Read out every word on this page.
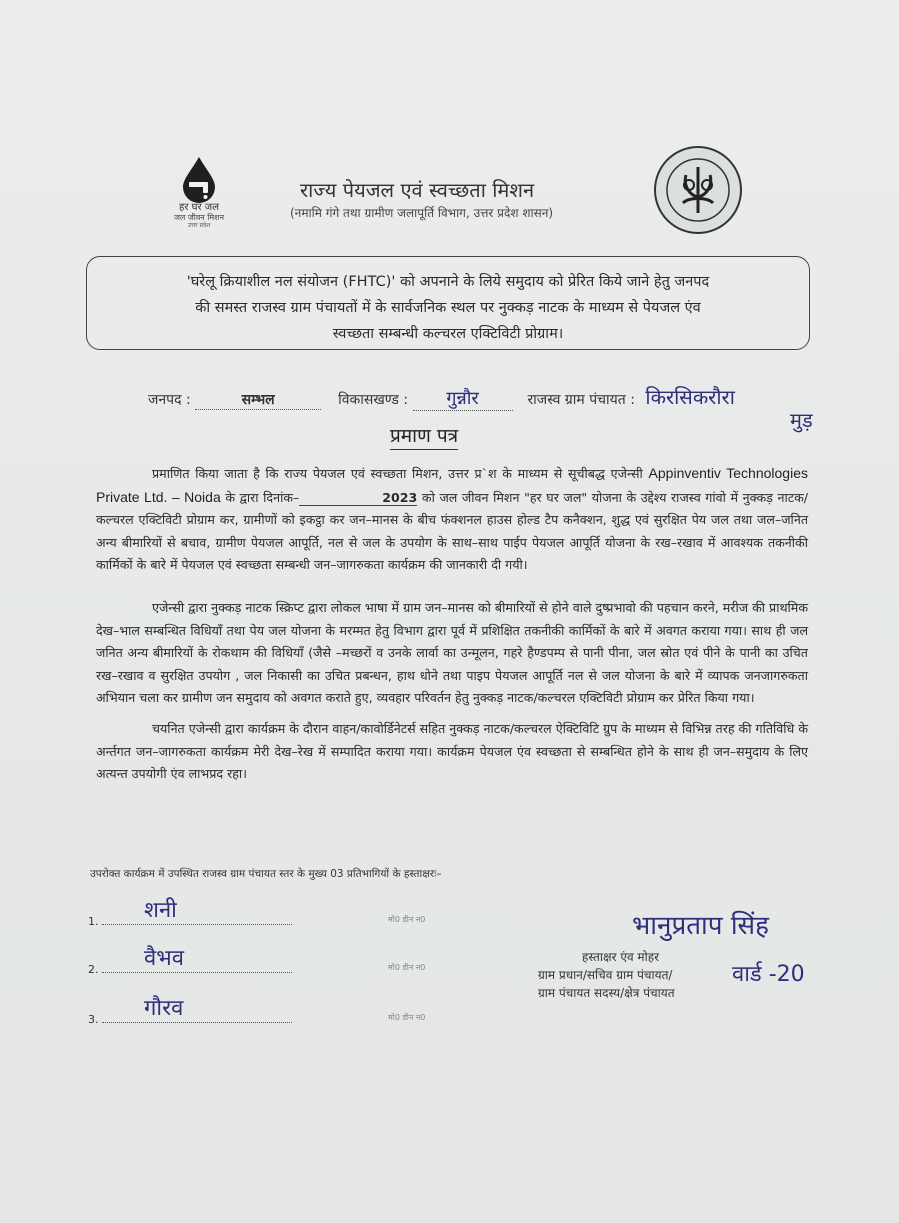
हर घर जल
जल जीवन मिशन
उत्तर प्रदेश
राज्य पेयजल एवं स्वच्छता मिशन
(नमामि गंगे तथा ग्रामीण जलापूर्ति विभाग, उत्तर प्रदेश शासन)
'घरेलू क्रियाशील नल संयोजन (FHTC)' को अपनाने के लिये समुदाय को प्रेरित किये जाने हेतु जनपद
की समस्त राजस्व ग्राम पंचायतों में के सार्वजनिक स्थल पर नुक्कड़ नाटक के माध्यम से पेयजल एंव
स्वच्छता सम्बन्धी कल्चरल एक्टिविटी प्रोग्राम।
जनपद :	सम्भल	विकासखण्ड : गुन्नौर	राजस्व ग्राम पंचायत : किरसिकरौरा
मुड़
प्रमाण पत्र
प्रमाणित किया जाता है कि राज्य पेयजल एवं स्वच्छता मिशन, उत्तर प्र`श के माध्यम से सूचीबद्ध एजेन्सी Appinventiv Technologies Private Ltd. – Noida के द्वारा दिनांक–	2023 को जल जीवन मिशन "हर घर जल" योजना के उद्देश्य राजस्व गांवो में नुक्कड़ नाटक/कल्चरल एक्टिविटी प्रोग्राम कर, ग्रामीणों को इकट्ठा कर जन–मानस के बीच फंक्शनल हाउस होल्ड टैप कनैक्शन, शुद्ध एवं सुरक्षित पेय जल तथा जल–जनित अन्य बीमारियों से बचाव, ग्रामीण पेयजल आपूर्ति, नल से जल के उपयोग के साथ–साथ पाईप पेयजल आपूर्ति योजना के रख–रखाव में आवश्यक तकनीकी कार्मिकों के बारे में पेयजल एवं स्वच्छता सम्बन्धी जन–जागरुकता कार्यक्रम की जानकारी दी गयी।
एजेन्सी द्वारा नुक्कड़ नाटक स्क्रिप्ट द्वारा लोकल भाषा में ग्राम जन–मानस को बीमारियों से होने वाले दुष्प्रभावो की पहचान करने, मरीज की प्राथमिक देख–भाल सम्बन्धित विधियाँ तथा पेय जल योजना के मरम्मत हेतु विभाग द्वारा पूर्व में प्रशिक्षित तकनीकी कार्मिकों के बारे में अवगत कराया गया। साथ ही जल जनित अन्य बीमारियों के रोकथाम की विधियाँ (जैसे –मच्छरों व उनके लार्वा का उन्मूलन, गहरे हैण्डपम्प से पानी पीना, जल स्रोत एवं पीने के पानी का उचित रख–रखाव व सुरक्षित उपयोग , जल निकासी का उचित प्रबन्धन, हाथ धोने तथा पाइप पेयजल आपूर्ति नल से जल योजना के बारे में व्यापक जनजागरुकता अभियान चला कर ग्रामीण जन समुदाय को अवगत कराते हुए, व्यवहार परिवर्तन हेतु नुक्कड़ नाटक/कल्चरल एक्टिविटी प्रोग्राम कर प्रेरित किया गया।
चयनित एजेन्सी द्वारा कार्यक्रम के दौरान वाहन/कावोर्डिनेटर्स सहित नुक्कड़ नाटक/कल्चरल ऐक्टिविटि ग्रुप के माध्यम से विभिन्न तरह की गतिविधि के अर्न्तगत जन–जागरुकता कार्यक्रम मेरी देख–रेख में सम्पादित कराया गया। कार्यक्रम पेयजल एंव स्वच्छता से सम्बन्धित होने के साथ ही जन–समुदाय के लिए अत्यन्त उपयोगी एंव लाभप्रद रहा।
उपरोक्त कार्यक्रम में उपस्थित राजस्व ग्राम पंचायत स्तर के मुख्य 03 प्रतिभागियों के हस्ताक्षरः–
1. शनी	मो0 डीन न0
2. वैभव	मो0 डीन न0
3. गौरव	मो0 डीन न0
भानुप्रताप सिंह
हस्ताक्षर एंव मोहर
ग्राम प्रधान/सचिव ग्राम पंचायत/
ग्राम पंचायत सदस्य/क्षेत्र पंचायत
वार्ड -20
